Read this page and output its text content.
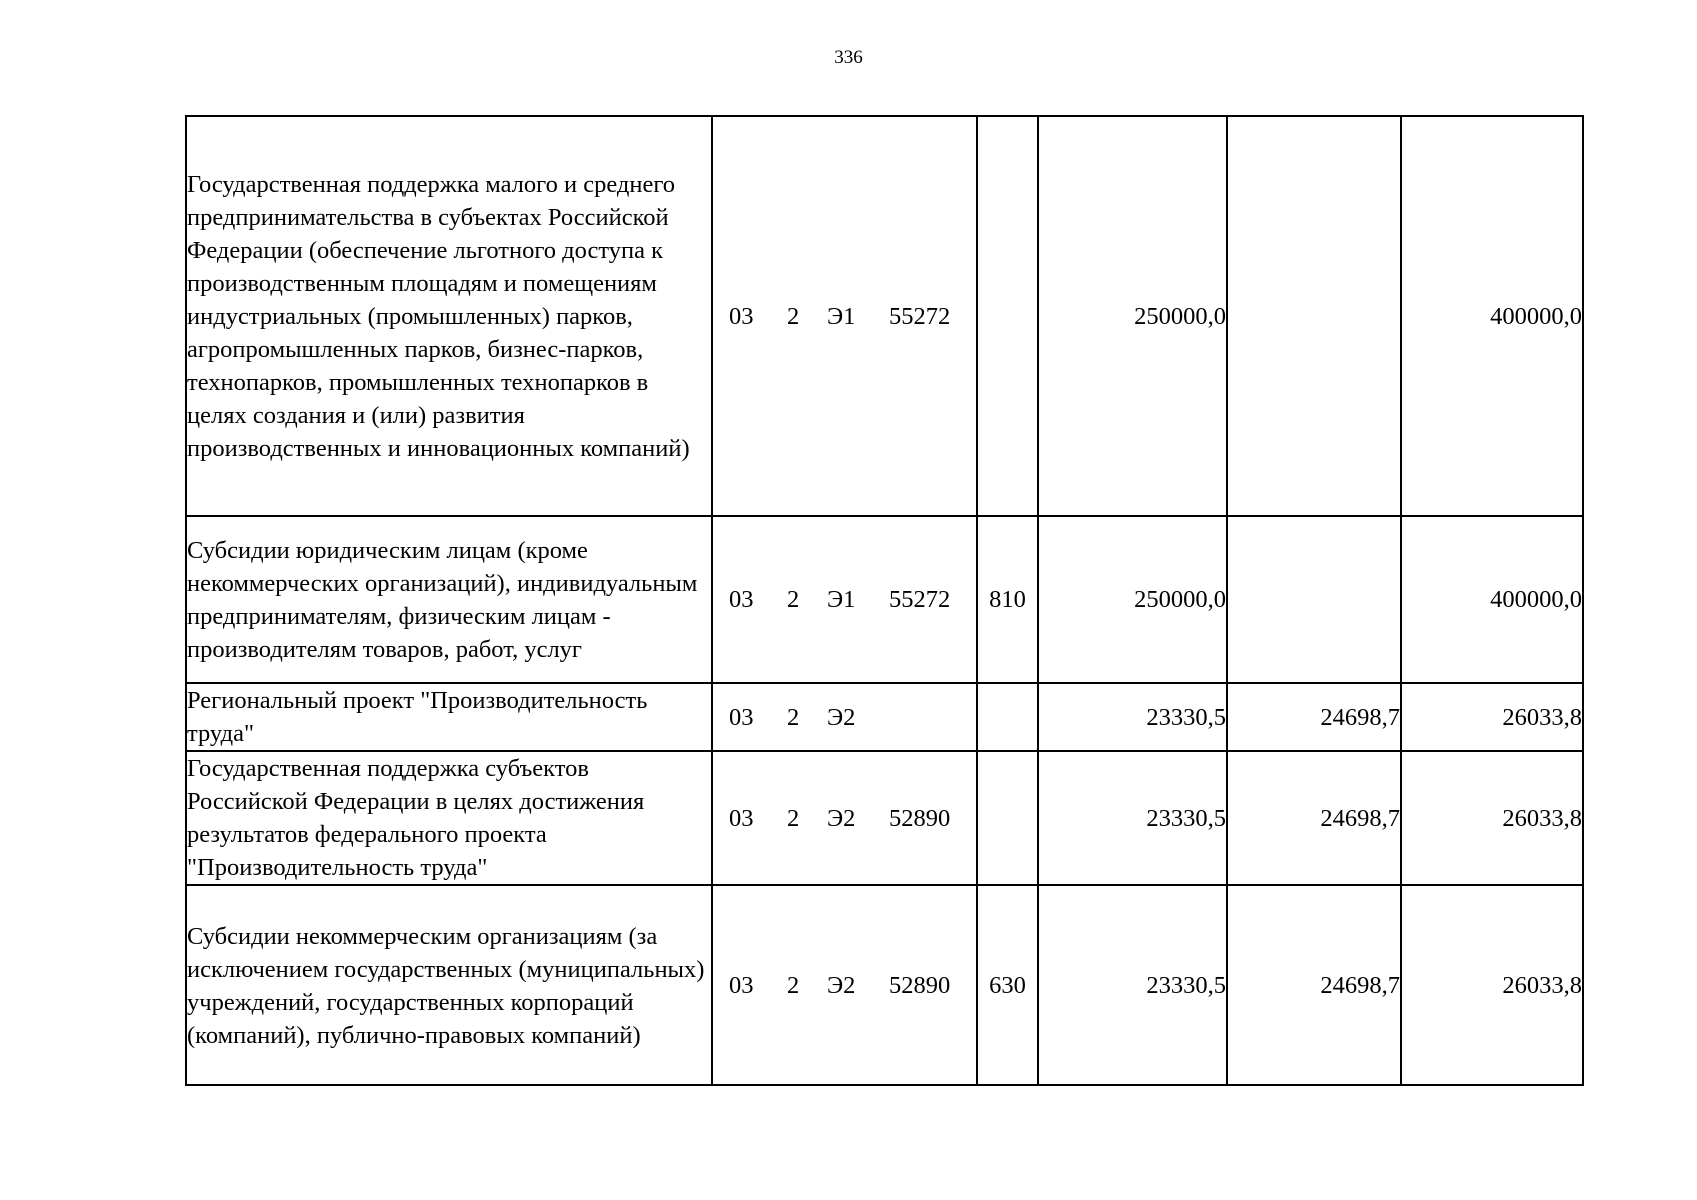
336
Государственная поддержка малого и среднего предпринимательства в субъектах Российской Федерации (обеспечение льготного доступа к производственным площадям и помещениям индустриальных (промышленных) парков, агропромышленных парков, бизнес-парков, технопарков, промышленных технопарков в целях создания и (или) развития производственных и инновационных компаний)	03 2 Э1 55272		250000,0		400000,0
Субсидии юридическим лицам (кроме некоммерческих организаций), индивидуальным предпринимателям, физическим лицам - производителям товаров, работ, услуг	03 2 Э1 55272	810	250000,0		400000,0
Региональный проект "Производительность труда"	03 2 Э2		23330,5	24698,7	26033,8
Государственная поддержка субъектов Российской Федерации в целях достижения результатов федерального проекта "Производительность труда"	03 2 Э2 52890		23330,5	24698,7	26033,8
Субсидии некоммерческим организациям (за исключением государственных (муниципальных) учреждений, государственных корпораций (компаний), публично-правовых компаний)	03 2 Э2 52890	630	23330,5	24698,7	26033,8
